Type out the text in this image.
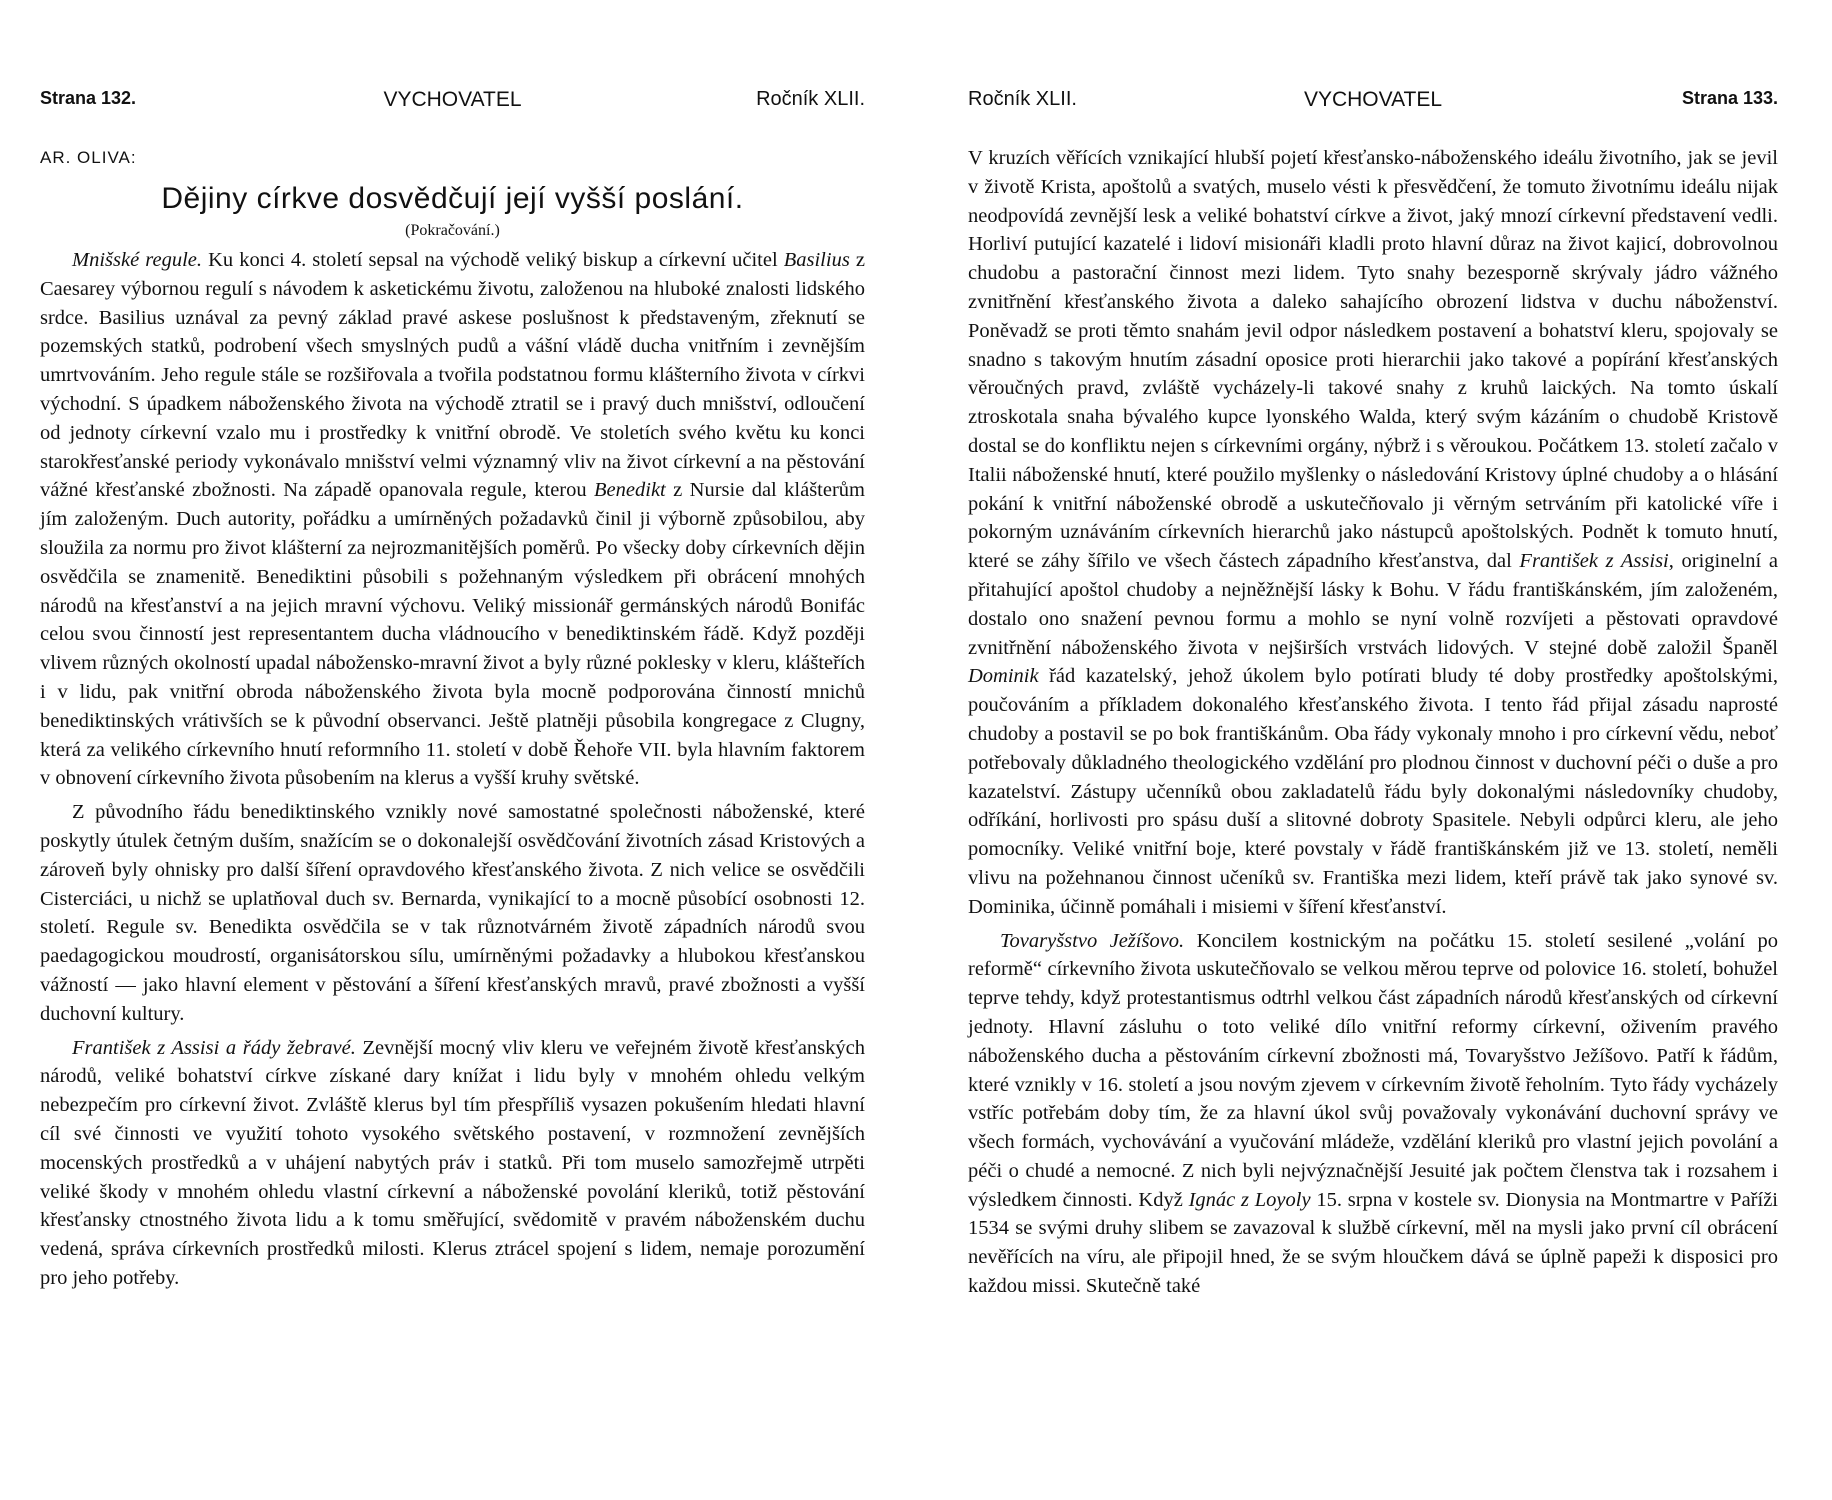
Strana 132.	VYCHOVATEL	Ročník XLII.
AR. OLIVA:
Dějiny církve dosvědčují její vyšší poslání.
(Pokračování.)

Mnišské regule. Ku konci 4. století sepsal na východě veliký biskup a církevní učitel Basilius z Caesarey výbornou regulí s návodem k asketickému životu, založenou na hluboké znalosti lidského srdce. Basilius uznával za pevný základ pravé askese poslušnost k představeným, zřeknutí se pozemských statků, podrobení všech smyslných pudů a vášní vládě ducha vnitřním i zevnějším umrtvováním. Jeho regule stále se rozšiřovala a tvořila podstatnou formu klášterního života v církvi východní. S úpadkem náboženského života na východě ztratil se i pravý duch mnišství, odloučení od jednoty církevní vzalo mu i prostředky k vnitřní obrodě. Ve stoletích svého květu ku konci starokřesťanské periody vykonávalo mnišství velmi významný vliv na život církevní a na pěstování vážné křesťanské zbožnosti. Na západě opanovala regule, kterou Benedikt z Nursie dal klášterům jím založeným. Duch autority, pořádku a umírněných požadavků činil ji výborně způsobilou, aby sloužila za normu pro život klášterní za nejrozmanitějších poměrů. Po všecky doby církevních dějin osvědčila se znamenitě. Benediktini působili s požehnaným výsledkem při obrácení mnohých národů na křesťanství a na jejich mravní výchovu. Veliký missionář germánských národů Bonifác celou svou činností jest representantem ducha vládnoucího v benediktinském řádě. Když později vlivem různých okolností upadal nábožensko-mravní život a byly různé poklesky v kleru, klášteřích i v lidu, pak vnitřní obroda náboženského života byla mocně podporována činností mnichů benediktinských vrátivších se k původní observanci. Ještě platněji působila kongregace z Clugny, která za velikého církevního hnutí reformního 11. století v době Řehoře VII. byla hlavním faktorem v obnovení církevního života působením na klerus a vyšší kruhy světské.

Z původního řádu benediktinského vznikly nové samostatné společnosti náboženské, které poskytly útulek četným duším, snažícím se o dokonalejší osvědčování životních zásad Kristových a zároveň byly ohnisky pro další šíření opravdového křesťanského života. Z nich velice se osvědčili Cisterciáci, u nichž se uplatňoval duch sv. Bernarda, vynikající to a mocně působící osobnosti 12. století. Regule sv. Benedikta osvědčila se v tak různotvárném životě západních národů svou paedagogickou moudrostí, organisátorskou sílu, umírněnými požadavky a hlubokou křesťanskou vážností — jako hlavní element v pěstování a šíření křesťanských mravů, pravé zbožnosti a vyšší duchovní kultury.

František z Assisi a řády žebravé. Zevnější mocný vliv kleru ve veřejném životě křesťanských národů, veliké bohatství církve získané dary knížat i lidu byly v mnohém ohledu velkým nebezpečím pro církevní život. Zvláště klerus byl tím přespříliš vysazen pokušením hledati hlavní cíl své činnosti ve využití tohoto vysokého světského postavení, v rozmnožení zevnějších mocenských prostředků a v uhájení nabytých práv i statků. Při tom muselo samozřejmě utrpěti veliké škody v mnohém ohledu vlastní církevní a náboženské povolání kleriků, totiž pěstování křesťansky ctnostného života lidu a k tomu směřující, svědomitě v pravém náboženském duchu vedená, správa církevních prostředků milosti. Klerus ztrácel spojení s lidem, nemaje porozumění pro jeho potřeby.

Ročník XLII.	VYCHOVATEL	Strana 133.

V kruzích věřících vznikající hlubší pojetí křesťansko-náboženského ideálu životního, jak se jevil v životě Krista, apoštolů a svatých, muselo vésti k přesvědčení, že tomuto životnímu ideálu nijak neodpovídá zevnější lesk a veliké bohatství církve a život, jaký mnozí církevní představení vedli. Horliví putující kazatelé i lidoví misionáři kladli proto hlavní důraz na život kajicí, dobrovolnou chudobu a pastorační činnost mezi lidem. Tyto snahy bezesporně skrývaly jádro vážného zvnitřnění křesťanského života a daleko sahajícího obrození lidstva v duchu náboženství. Poněvadž se proti těmto snahám jevil odpor následkem postavení a bohatství kleru, spojovaly se snadno s takovým hnutím zásadní oposice proti hierarchii jako takové a popírání křesťanských věroučných pravd, zvláště vycházely-li takové snahy z kruhů laických. Na tomto úskalí ztroskotala snaha bývalého kupce lyonského Walda, který svým kázáním o chudobě Kristově dostal se do konfliktu nejen s církevními orgány, nýbrž i s věroukou. Počátkem 13. století začalo v Italii náboženské hnutí, které použilo myšlenky o následování Kristovy úplné chudoby a o hlásání pokání k vnitřní náboženské obrodě a uskutečňovalo ji věrným setrváním při katolické víře i pokorným uznáváním církevních hierarchů jako nástupců apoštolských. Podnět k tomuto hnutí, které se záhy šířilo ve všech částech západního křesťanstva, dal František z Assisi, originelní a přitahující apoštol chudoby a nejněžnější lásky k Bohu. V řádu františkánském, jím založeném, dostalo ono snažení pevnou formu a mohlo se nyní volně rozvíjeti a pěstovati opravdové zvnitřnění náboženského života v nejširších vrstvách lidových. V stejné době založil Španěl Dominik řád kazatelský, jehož úkolem bylo potírati bludy té doby prostředky apoštolskými, poučováním a příkladem dokonalého křesťanského života. I tento řád přijal zásadu naprosté chudoby a postavil se po bok františkánům. Oba řády vykonaly mnoho i pro církevní vědu, neboť potřebovaly důkladného theologického vzdělání pro plodnou činnost v duchovní péči o duše a pro kazatelství. Zástupy učenníků obou zakladatelů řádu byly dokonalými následovníky chudoby, odříkání, horlivosti pro spásu duší a slitovné dobroty Spasitele. Nebyli odpůrci kleru, ale jeho pomocníky. Veliké vnitřní boje, které povstaly v řádě františkánském již ve 13. století, neměli vlivu na požehnanou činnost učeníků sv. Františka mezi lidem, kteří právě tak jako synové sv. Dominika, účinně pomáhali i misiemi v šíření křesťanství.

Tovaryšstvo Ježíšovo. Koncilem kostnickým na počátku 15. století sesilené „volání po reformě“ církevního života uskutečňovalo se velkou měrou teprve od polovice 16. století, bohužel teprve tehdy, když protestantismus odtrhl velkou část západních národů křesťanských od církevní jednoty. Hlavní zásluhu o toto veliké dílo vnitřní reformy církevní, oživením pravého náboženského ducha a pěstováním církevní zbožnosti má, Tovaryšstvo Ježíšovo. Patří k řádům, které vznikly v 16. století a jsou novým zjevem v církevním životě řeholním. Tyto řády vycházely vstříc potřebám doby tím, že za hlavní úkol svůj považovaly vykonávání duchovní správy ve všech formách, vychovávání a vyučování mládeže, vzdělání kleriků pro vlastní jejich povolání a péči o chudé a nemocné. Z nich byli nejvýznačnější Jesuité jak počtem členstva tak i rozsahem i výsledkem činnosti. Když Ignác z Loyoly 15. srpna v kostele sv. Dionysia na Montmartre v Paříži 1534 se svými druhy slibem se zavazoval k službě církevní, měl na mysli jako první cíl obrácení nevěřících na víru, ale připojil hned, že se svým hloučkem dává se úplně papeži k disposici pro každou missi. Skutečně také
